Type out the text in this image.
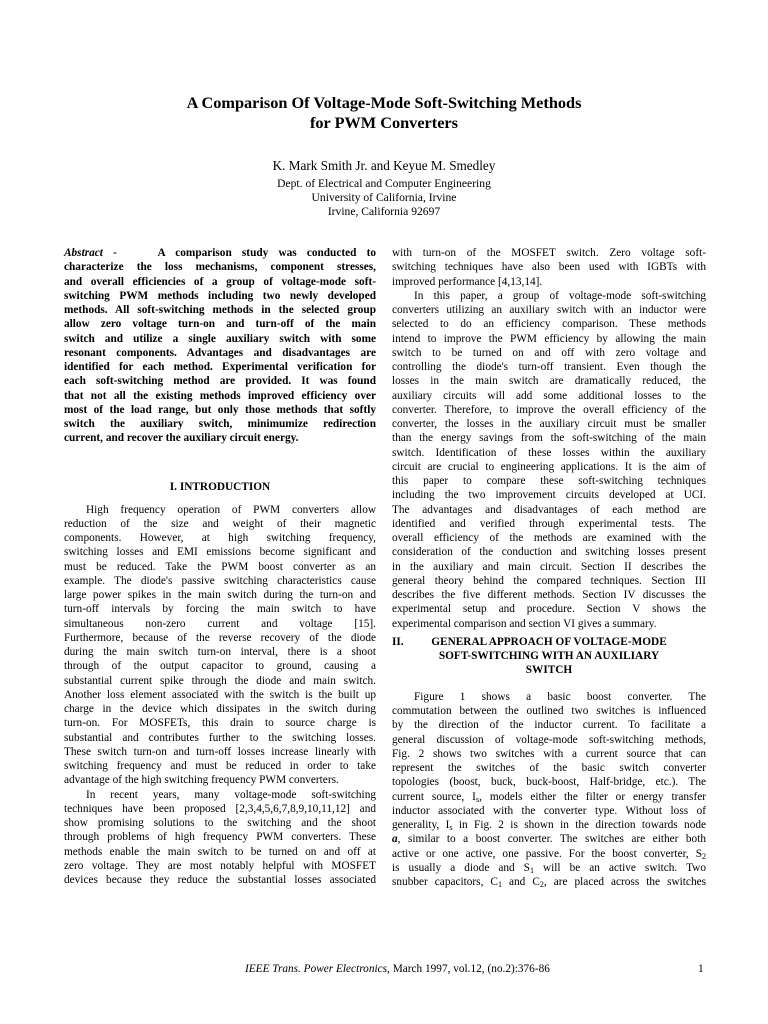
A Comparison Of Voltage-Mode Soft-Switching Methods
for PWM Converters
K. Mark Smith Jr. and Keyue M. Smedley
Dept. of Electrical and Computer Engineering
University of California, Irvine
Irvine, California 92697
Abstract -	A comparison study was conducted to
characterize the loss mechanisms, component stresses,
and overall efficiencies of a group of voltage-mode soft-
switching PWM methods including two newly developed
methods. All soft-switching methods in the selected group
allow zero voltage turn-on and turn-off of the main
switch and utilize a single auxiliary switch with some
resonant components. Advantages and disadvantages are
identified for each method. Experimental verification for
each soft-switching method are provided. It was found
that not all the existing methods improved efficiency over
most of the load range, but only those methods that softly
switch the auxiliary switch, minimumize redirection
current, and recover the auxiliary circuit energy.
I. INTRODUCTION
High frequency operation of PWM converters allow
reduction of the size and weight of their magnetic
components. However, at high switching frequency,
switching losses and EMI emissions become significant and
must be reduced. Take the PWM boost converter as an
example. The diode's passive switching characteristics cause
large power spikes in the main switch during the turn-on and
turn-off intervals by forcing the main switch to have
simultaneous non-zero current and voltage [15].
Furthermore, because of the reverse recovery of the diode
during the main switch turn-on interval, there is a shoot
through of the output capacitor to ground, causing a
substantial current spike through the diode and main switch.
Another loss element associated with the switch is the built up
charge in the device which dissipates in the switch during
turn-on. For MOSFETs, this drain to source charge is
substantial and contributes further to the switching losses.
These switch turn-on and turn-off losses increase linearly with
switching frequency and must be reduced in order to take
advantage of the high switching frequency PWM converters.
In recent years, many voltage-mode soft-switching
techniques have been proposed [2,3,4,5,6,7,8,9,10,11,12] and
show promising solutions to the switching and the shoot
through problems of high frequency PWM converters. These
methods enable the main switch to be turned on and off at
zero voltage. They are most notably helpful with MOSFET
devices because they reduce the substantial losses associated
with turn-on of the MOSFET switch. Zero voltage soft-
switching techniques have also been used with IGBTs with
improved performance [4,13,14].
In this paper, a group of voltage-mode soft-switching
converters utilizing an auxiliary switch with an inductor were
selected to do an efficiency comparison. These methods
intend to improve the PWM efficiency by allowing the main
switch to be turned on and off with zero voltage and
controlling the diode's turn-off transient. Even though the
losses in the main switch are dramatically reduced, the
auxiliary circuits will add some additional losses to the
converter. Therefore, to improve the overall efficiency of the
converter, the losses in the auxiliary circuit must be smaller
than the energy savings from the soft-switching of the main
switch. Identification of these losses within the auxiliary
circuit are crucial to engineering applications. It is the aim of
this paper to compare these soft-switching techniques
including the two improvement circuits developed at UCI.
The advantages and disadvantages of each method are
identified and verified through experimental tests. The
overall efficiency of the methods are examined with the
consideration of the conduction and switching losses present
in the auxiliary and main circuit. Section II describes the
general theory behind the compared techniques. Section III
describes the five different methods. Section IV discusses the
experimental setup and procedure. Section V shows the
experimental comparison and section VI gives a summary.
II.	GENERAL APPROACH OF VOLTAGE-MODE
SOFT-SWITCHING WITH AN AUXILIARY
SWITCH
Figure 1 shows a basic boost converter. The
commutation between the outlined two switches is influenced
by the direction of the inductor current. To facilitate a
general discussion of voltage-mode soft-switching methods,
Fig. 2 shows two switches with a current source that can
represent the switches of the basic switch converter
topologies (boost, buck, buck-boost, Half-bridge, etc.). The
current source, $I_s$, models either the filter or energy transfer
inductor associated with the converter type. Without loss of
generality, $I_s$ in Fig. 2 is shown in the direction towards node
a, similar to a boost converter. The switches are either both
active or one active, one passive. For the boost converter, $S_2$
is usually a diode and $S_1$ will be an active switch. Two
snubber capacitors, $C_1$ and $C_2$, are placed across the switches
IEEE Trans. Power Electronics, March 1997, vol.12, (no.2):376-86	1
